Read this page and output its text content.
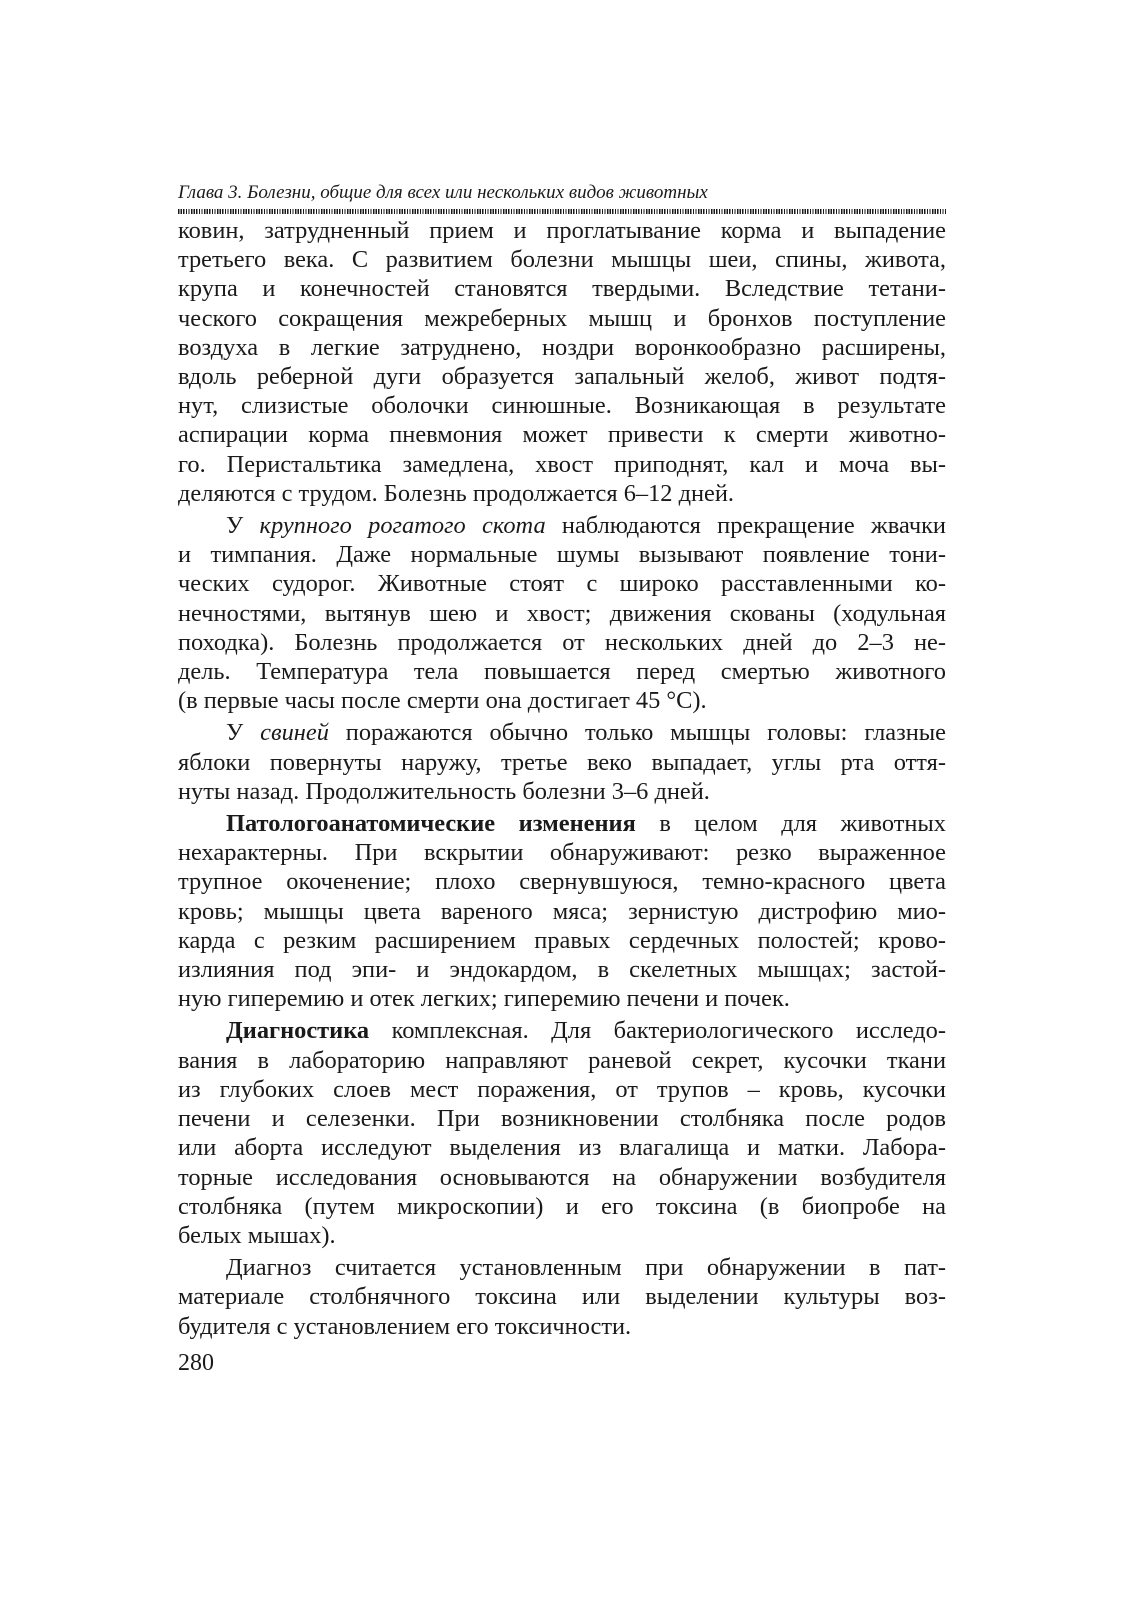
Глава 3. Болезни, общие для всех или нескольких видов животных
ковин, затрудненный прием и проглатывание корма и выпадение
третьего века. С развитием болезни мышцы шеи, спины, живота,
крупа и конечностей становятся твердыми. Вследствие тетани-
ческого сокращения межреберных мышц и бронхов поступление
воздуха в легкие затруднено, ноздри воронкообразно расширены,
вдоль реберной дуги образуется запальный желоб, живот подтя-
нут, слизистые оболочки синюшные. Возникающая в результате
аспирации корма пневмония может привести к смерти животно-
го. Перистальтика замедлена, хвост приподнят, кал и моча вы-
деляются с трудом. Болезнь продолжается 6–12 дней.
У крупного рогатого скота наблюдаются прекращение жвачки
и тимпания. Даже нормальные шумы вызывают появление тони-
ческих судорог. Животные стоят с широко расставленными ко-
нечностями, вытянув шею и хвост; движения скованы (ходульная
походка). Болезнь продолжается от нескольких дней до 2–3 не-
дель. Температура тела повышается перед смертью животного
(в первые часы после смерти она достигает 45 °С).
У свиней поражаются обычно только мышцы головы: глазные
яблоки повернуты наружу, третье веко выпадает, углы рта оття-
нуты назад. Продолжительность болезни 3–6 дней.
Патологоанатомические изменения в целом для животных
нехарактерны. При вскрытии обнаруживают: резко выраженное
трупное окоченение; плохо свернувшуюся, темно-красного цвета
кровь; мышцы цвета вареного мяса; зернистую дистрофию мио-
карда с резким расширением правых сердечных полостей; крово-
излияния под эпи- и эндокардом, в скелетных мышцах; застой-
ную гиперемию и отек легких; гиперемию печени и почек.
Диагностика комплексная. Для бактериологического исследо-
вания в лабораторию направляют раневой секрет, кусочки ткани
из глубоких слоев мест поражения, от трупов – кровь, кусочки
печени и селезенки. При возникновении столбняка после родов
или аборта исследуют выделения из влагалища и матки. Лабора-
торные исследования основываются на обнаружении возбудителя
столбняка (путем микроскопии) и его токсина (в биопробе на
белых мышах).
Диагноз считается установленным при обнаружении в пат-
материале столбнячного токсина или выделении культуры воз-
будителя с установлением его токсичности.
280
